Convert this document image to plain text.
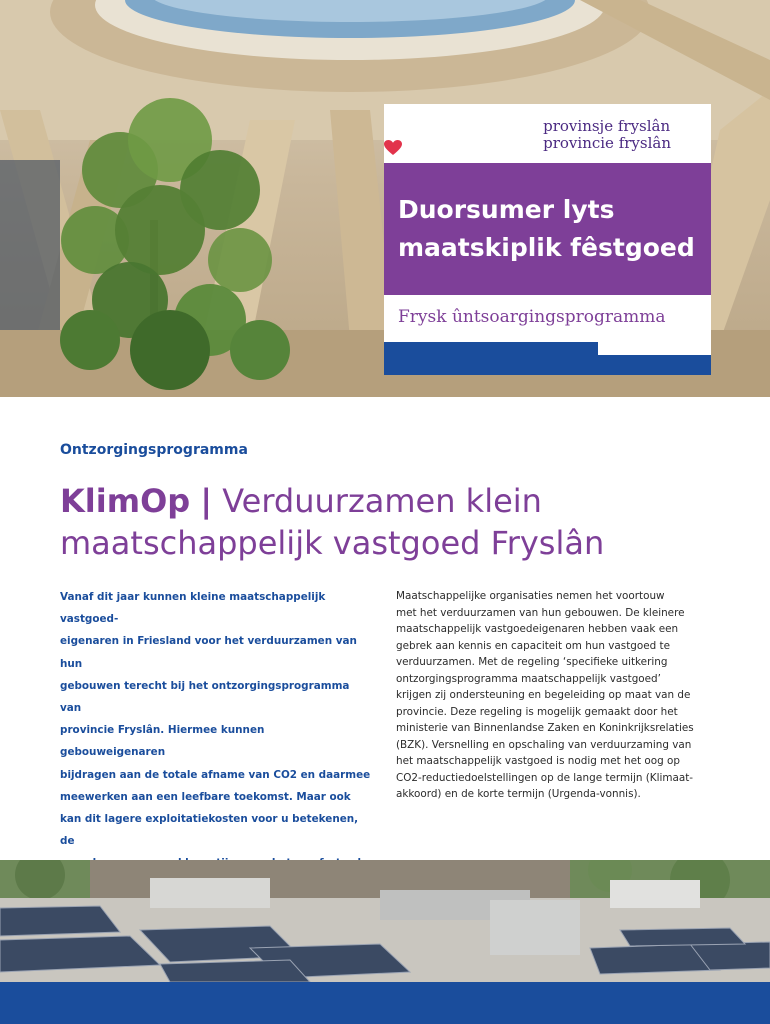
provinsje fryslân
provincie fryslân
Duorsumer lyts
maatskiplik fêstgoed
Frysk ûntsoargingsprogramma
Ontzorgingsprogramma
KlimOp | Verduurzamen klein
maatschappelijk vastgoed Fryslân
Vanaf dit jaar kunnen kleine maatschappelijk vastgoed-
eigenaren in Friesland voor het verduurzamen van hun
gebouwen terecht bij het ontzorgingsprogramma van
provincie Fryslân. Hiermee kunnen gebouweigenaren
bijdragen aan de totale afname van CO2 en daarmee
meewerken aan een leefbare toekomst. Maar ook
kan dit lagere exploitatiekosten voor u betekenen, de
Maatschappelijke organisaties nemen het voortouw
met het verduurzamen van hun gebouwen. De kleinere
maatschappelijk vastgoedeigenaren hebben vaak een
gebrek aan kennis en capaciteit om hun vastgoed te
verduurzamen. Met de regeling ‘specifieke uitkering
ontzorgingsprogramma maatschappelijk vastgoed’
krijgen zij ondersteuning en begeleiding op maat van de
provincie. Deze regeling is mogelijk gemaakt door het
ministerie van Binnenlandse Zaken en Koninkrijksrelaties
(BZK). Versnelling en opschaling van verduurzaming van
het maatschappelijk vastgoed is nodig met het oog op
CO2-reductiedoelstellingen op de lange termijn (Klimaat-
akkoord) en de korte termijn (Urgenda-vonnis).
